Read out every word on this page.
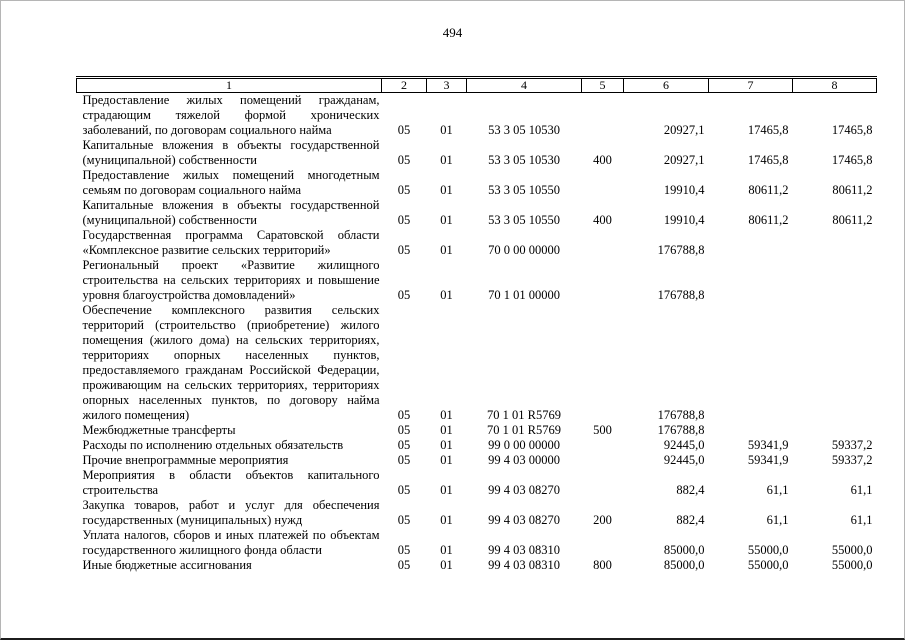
494
1	2	3	4	5	6	7	8
Предоставление жилых помещений гражданам, страдающим тяжелой формой хронических заболеваний, по договорам социального найма	05	01	53 3 05 10530		20927,1	17465,8	17465,8
Капитальные вложения в объекты государственной (муниципальной) собственности	05	01	53 3 05 10530	400	20927,1	17465,8	17465,8
Предоставление жилых помещений многодетным семьям по договорам социального найма	05	01	53 3 05 10550		19910,4	80611,2	80611,2
Капитальные вложения в объекты государственной (муниципальной) собственности	05	01	53 3 05 10550	400	19910,4	80611,2	80611,2
Государственная программа Саратовской области «Комплексное развитие сельских территорий»	05	01	70 0 00 00000		176788,8		
Региональный проект «Развитие жилищного строительства на сельских территориях и повышение уровня благоустройства домовладений»	05	01	70 1 01 00000		176788,8		
Обеспечение комплексного развития сельских территорий (строительство (приобретение) жилого помещения (жилого дома) на сельских территориях, территориях опорных населенных пунктов, предоставляемого гражданам Российской Федерации, проживающим на сельских территориях, территориях опорных населенных пунктов, по договору найма жилого помещения)	05	01	70 1 01 R5769		176788,8		
Межбюджетные трансферты	05	01	70 1 01 R5769	500	176788,8		
Расходы по исполнению отдельных обязательств	05	01	99 0 00 00000		92445,0	59341,9	59337,2
Прочие внепрограммные мероприятия	05	01	99 4 03 00000		92445,0	59341,9	59337,2
Мероприятия в области объектов капитального строительства	05	01	99 4 03 08270		882,4	61,1	61,1
Закупка товаров, работ и услуг для обеспечения государственных (муниципальных) нужд	05	01	99 4 03 08270	200	882,4	61,1	61,1
Уплата налогов, сборов и иных платежей по объектам государственного жилищного фонда области	05	01	99 4 03 08310		85000,0	55000,0	55000,0
Иные бюджетные ассигнования	05	01	99 4 03 08310	800	85000,0	55000,0	55000,0
